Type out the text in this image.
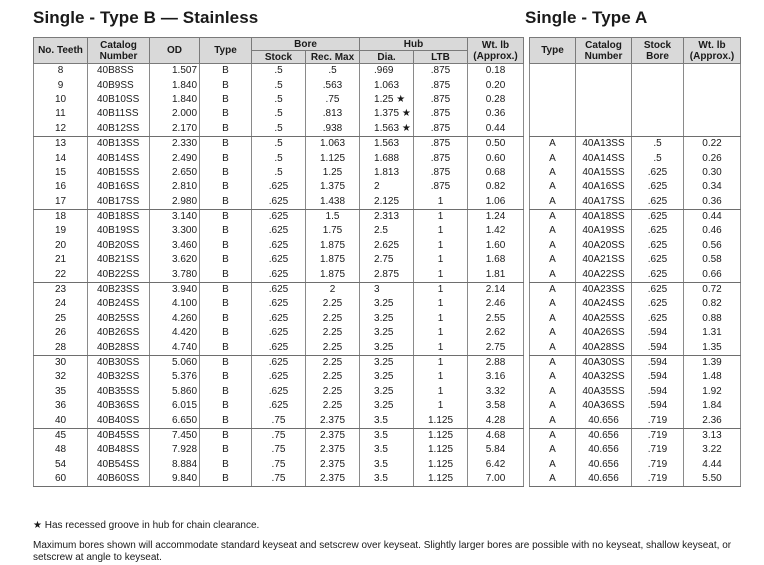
Single - Type B — Stainless	Single - Type A
No. Teeth	Catalog Number	OD	Type	Bore		Hub		Wt. lb (Approx.)
				Stock	Rec. Max	Dia.	LTB	
8	40B8SS	1.507	B	.5	.5	.969	.875	0.18
9	40B9SS	1.840	B	.5	.563	1.063	.875	0.20
10	40B10SS	1.840	B	.5	.75	1.25 ★	.875	0.28
11	40B11SS	2.000	B	.5	.813	1.375 ★	.875	0.36
12	40B12SS	2.170	B	.5	.938	1.563 ★	.875	0.44
13	40B13SS	2.330	B	.5	1.063	1.563	.875	0.50
14	40B14SS	2.490	B	.5	1.125	1.688	.875	0.60
15	40B15SS	2.650	B	.5	1.25	1.813	.875	0.68
16	40B16SS	2.810	B	.625	1.375	2	.875	0.82
17	40B17SS	2.980	B	.625	1.438	2.125	1	1.06
18	40B18SS	3.140	B	.625	1.5	2.313	1	1.24
19	40B19SS	3.300	B	.625	1.75	2.5	1	1.42
20	40B20SS	3.460	B	.625	1.875	2.625	1	1.60
21	40B21SS	3.620	B	.625	1.875	2.75	1	1.68
22	40B22SS	3.780	B	.625	1.875	2.875	1	1.81
23	40B23SS	3.940	B	.625	2	3	1	2.14
24	40B24SS	4.100	B	.625	2.25	3.25	1	2.46
25	40B25SS	4.260	B	.625	2.25	3.25	1	2.55
26	40B26SS	4.420	B	.625	2.25	3.25	1	2.62
28	40B28SS	4.740	B	.625	2.25	3.25	1	2.75
30	40B30SS	5.060	B	.625	2.25	3.25	1	2.88
32	40B32SS	5.376	B	.625	2.25	3.25	1	3.16
35	40B35SS	5.860	B	.625	2.25	3.25	1	3.32
36	40B36SS	6.015	B	.625	2.25	3.25	1	3.58
40	40B40SS	6.650	B	.75	2.375	3.5	1.125	4.28
45	40B45SS	7.450	B	.75	2.375	3.5	1.125	4.68
48	40B48SS	7.928	B	.75	2.375	3.5	1.125	5.84
54	40B54SS	8.884	B	.75	2.375	3.5	1.125	6.42
60	40B60SS	9.840	B	.75	2.375	3.5	1.125	7.00
Type	Catalog Number	Stock Bore	Wt. lb (Approx.)

A	40A13SS	.5	0.22
A	40A14SS	.5	0.26
A	40A15SS	.625	0.30
A	40A16SS	.625	0.34
A	40A17SS	.625	0.36
A	40A18SS	.625	0.44
A	40A19SS	.625	0.46
A	40A20SS	.625	0.56
A	40A21SS	.625	0.58
A	40A22SS	.625	0.66
A	40A23SS	.625	0.72
A	40A24SS	.625	0.82
A	40A25SS	.625	0.88
A	40A26SS	.594	1.31
A	40A28SS	.594	1.35
A	40A30SS	.594	1.39
A	40A32SS	.594	1.48
A	40A35SS	.594	1.92
A	40A36SS	.594	1.84
A	40.656	.719	2.36
A	40.656	.719	3.13
A	40.656	.719	3.22
A	40.656	.719	4.44
A	40.656	.719	5.50
★ Has recessed groove in hub for chain clearance.
Maximum bores shown will accommodate standard keyseat and setscrew over keyseat. Slightly larger bores are possible with no keyseat, shallow keyseat, or setscrew at angle to keyseat.
